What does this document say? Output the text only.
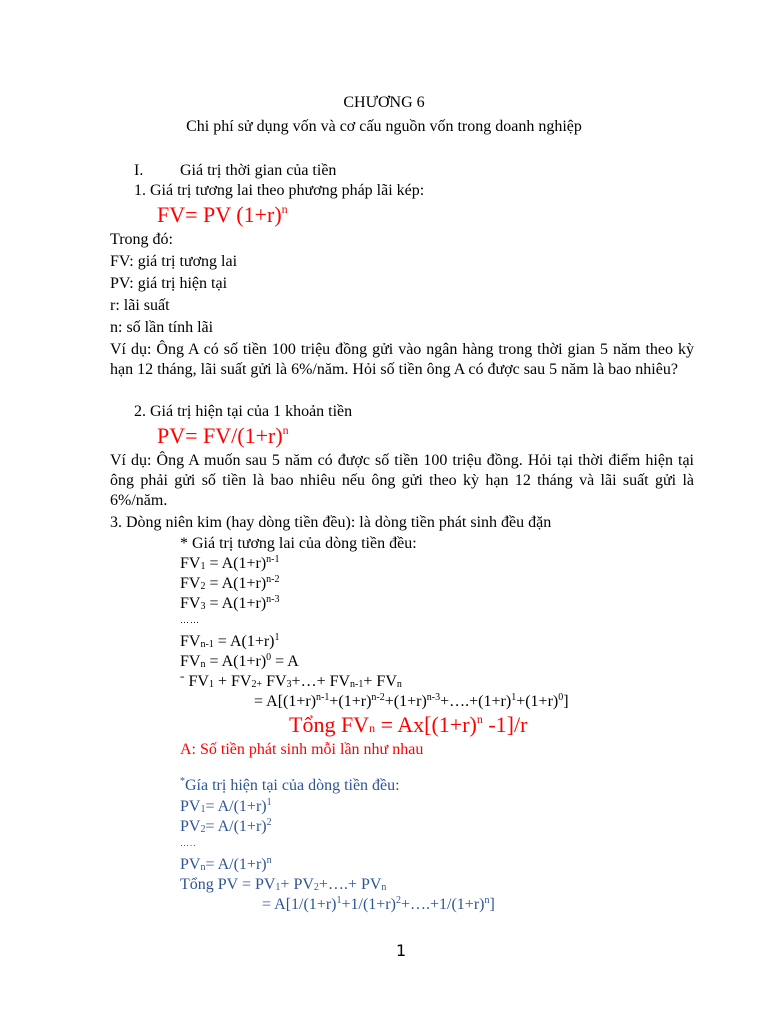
CHƯƠNG 6
Chi phí sử dụng vốn và cơ cấu nguồn vốn trong doanh nghiệp
I. Giá trị thời gian của tiền
1. Giá trị tương lai theo phương pháp lãi kép:
FV= PV $(1+r)^n$
Trong đó:
FV: giá trị tương lai
PV: giá trị hiện tại
r: lãi suất
n: số lần tính lãi
Ví dụ: Ông A có số tiền 100 triệu đồng gửi vào ngân hàng trong thời gian 5 năm theo kỳ hạn 12 tháng, lãi suất gửi là 6%/năm. Hỏi số tiền ông A có được sau 5 năm là bao nhiêu?
2. Giá trị hiện tại của 1 khoản tiền
$PV= FV/(1+r)^n$
Ví dụ: Ông A muốn sau 5 năm có được số tiền 100 triệu đồng. Hỏi tại thời điểm hiện tại ông phải gửi số tiền là bao nhiêu nếu ông gửi theo kỳ hạn 12 tháng và lãi suất gửi là 6%/năm.
3. Dòng niên kim (hay dòng tiền đều): là dòng tiền phát sinh đều đặn
* Giá trị tương lai của dòng tiền đều:
$FV_1 = A(1+r)^{n-1}$
$FV_2 = A(1+r)^{n-2}$
$FV_3 = A(1+r)^{n-3}$
……
$FV_{n-1} = A(1+r)^1$
$FV_n = A(1+r)^0 = A$
= $FV_1 + FV_{2+}$ $FV_3+\dots+ FV_{n-1}+ FV_n$
= $A[(1+r)^{n-1}+(1+r)^{n-2}+(1+r)^{n-3}+\dots.+(1+r)^1+(1+r)^0]$
Tổng $FV_n = Ax[(1+r)^n$ -1]/r
A: Số tiền phát sinh mỗi lần như nhau
*Gía trị hiện tại của dòng tiền đều:
$PV_1= A/(1+r)^1$
$PV_2= A/(1+r)^2$
…..
$PV_n= A/(1+r)^n$
Tổng PV = $PV_1+$ $PV_2+\dots.+ PV_n$
= $A[1/(1+r)^1+1/(1+r)^2+\dots.+1/(1+r)^n]$
1
